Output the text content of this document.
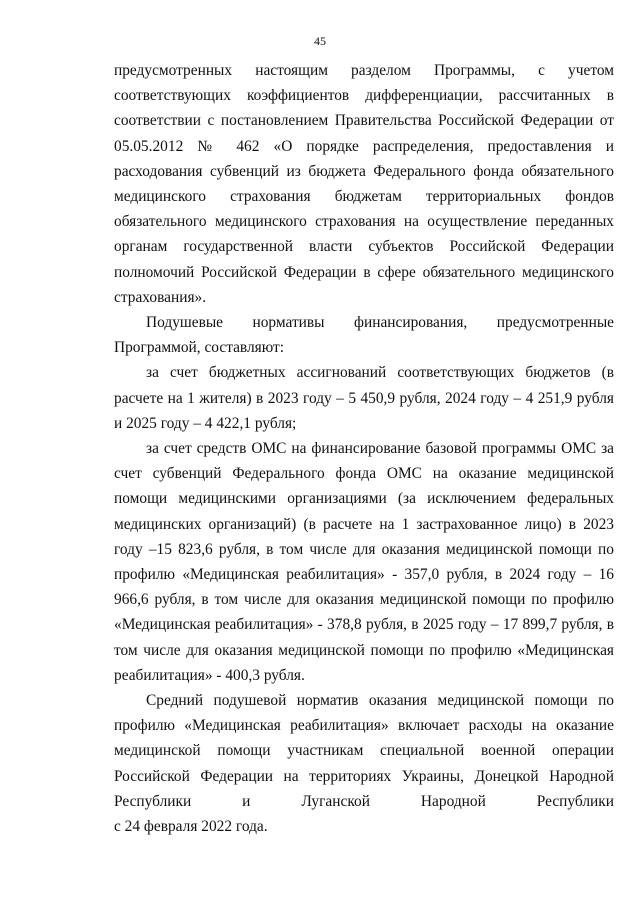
45

предусмотренных настоящим разделом Программы, с учетом соответствующих коэффициентов дифференциации, рассчитанных в соответствии с постановлением Правительства Российской Федерации от 05.05.2012 № 462 «О порядке распределения, предоставления и расходования субвенций из бюджета Федерального фонда обязательного медицинского страхования бюджетам территориальных фондов обязательного медицинского страхования на осуществление переданных органам государственной власти субъектов Российской Федерации полномочий Российской Федерации в сфере обязательного медицинского страхования».

Подушевые нормативы финансирования, предусмотренные Программой, составляют:

за счет бюджетных ассигнований соответствующих бюджетов (в расчете на 1 жителя) в 2023 году – 5 450,9 рубля, 2024 году – 4 251,9 рубля и 2025 году – 4 422,1 рубля;

за счет средств ОМС на финансирование базовой программы ОМС за счет субвенций Федерального фонда ОМС на оказание медицинской помощи медицинскими организациями (за исключением федеральных медицинских организаций) (в расчете на 1 застрахованное лицо) в 2023 году –15 823,6 рубля, в том числе для оказания медицинской помощи по профилю «Медицинская реабилитация» - 357,0 рубля, в 2024 году – 16 966,6 рубля, в том числе для оказания медицинской помощи по профилю «Медицинская реабилитация» - 378,8 рубля, в 2025 году – 17 899,7 рубля, в том числе для оказания медицинской помощи по профилю «Медицинская реабилитация» - 400,3 рубля.

Средний подушевой норматив оказания медицинской помощи по профилю «Медицинская реабилитация» включает расходы на оказание медицинской помощи участникам специальной военной операции Российской Федерации на территориях Украины, Донецкой Народной Республики и Луганской Народной Республики

с 24 февраля 2022 года.
